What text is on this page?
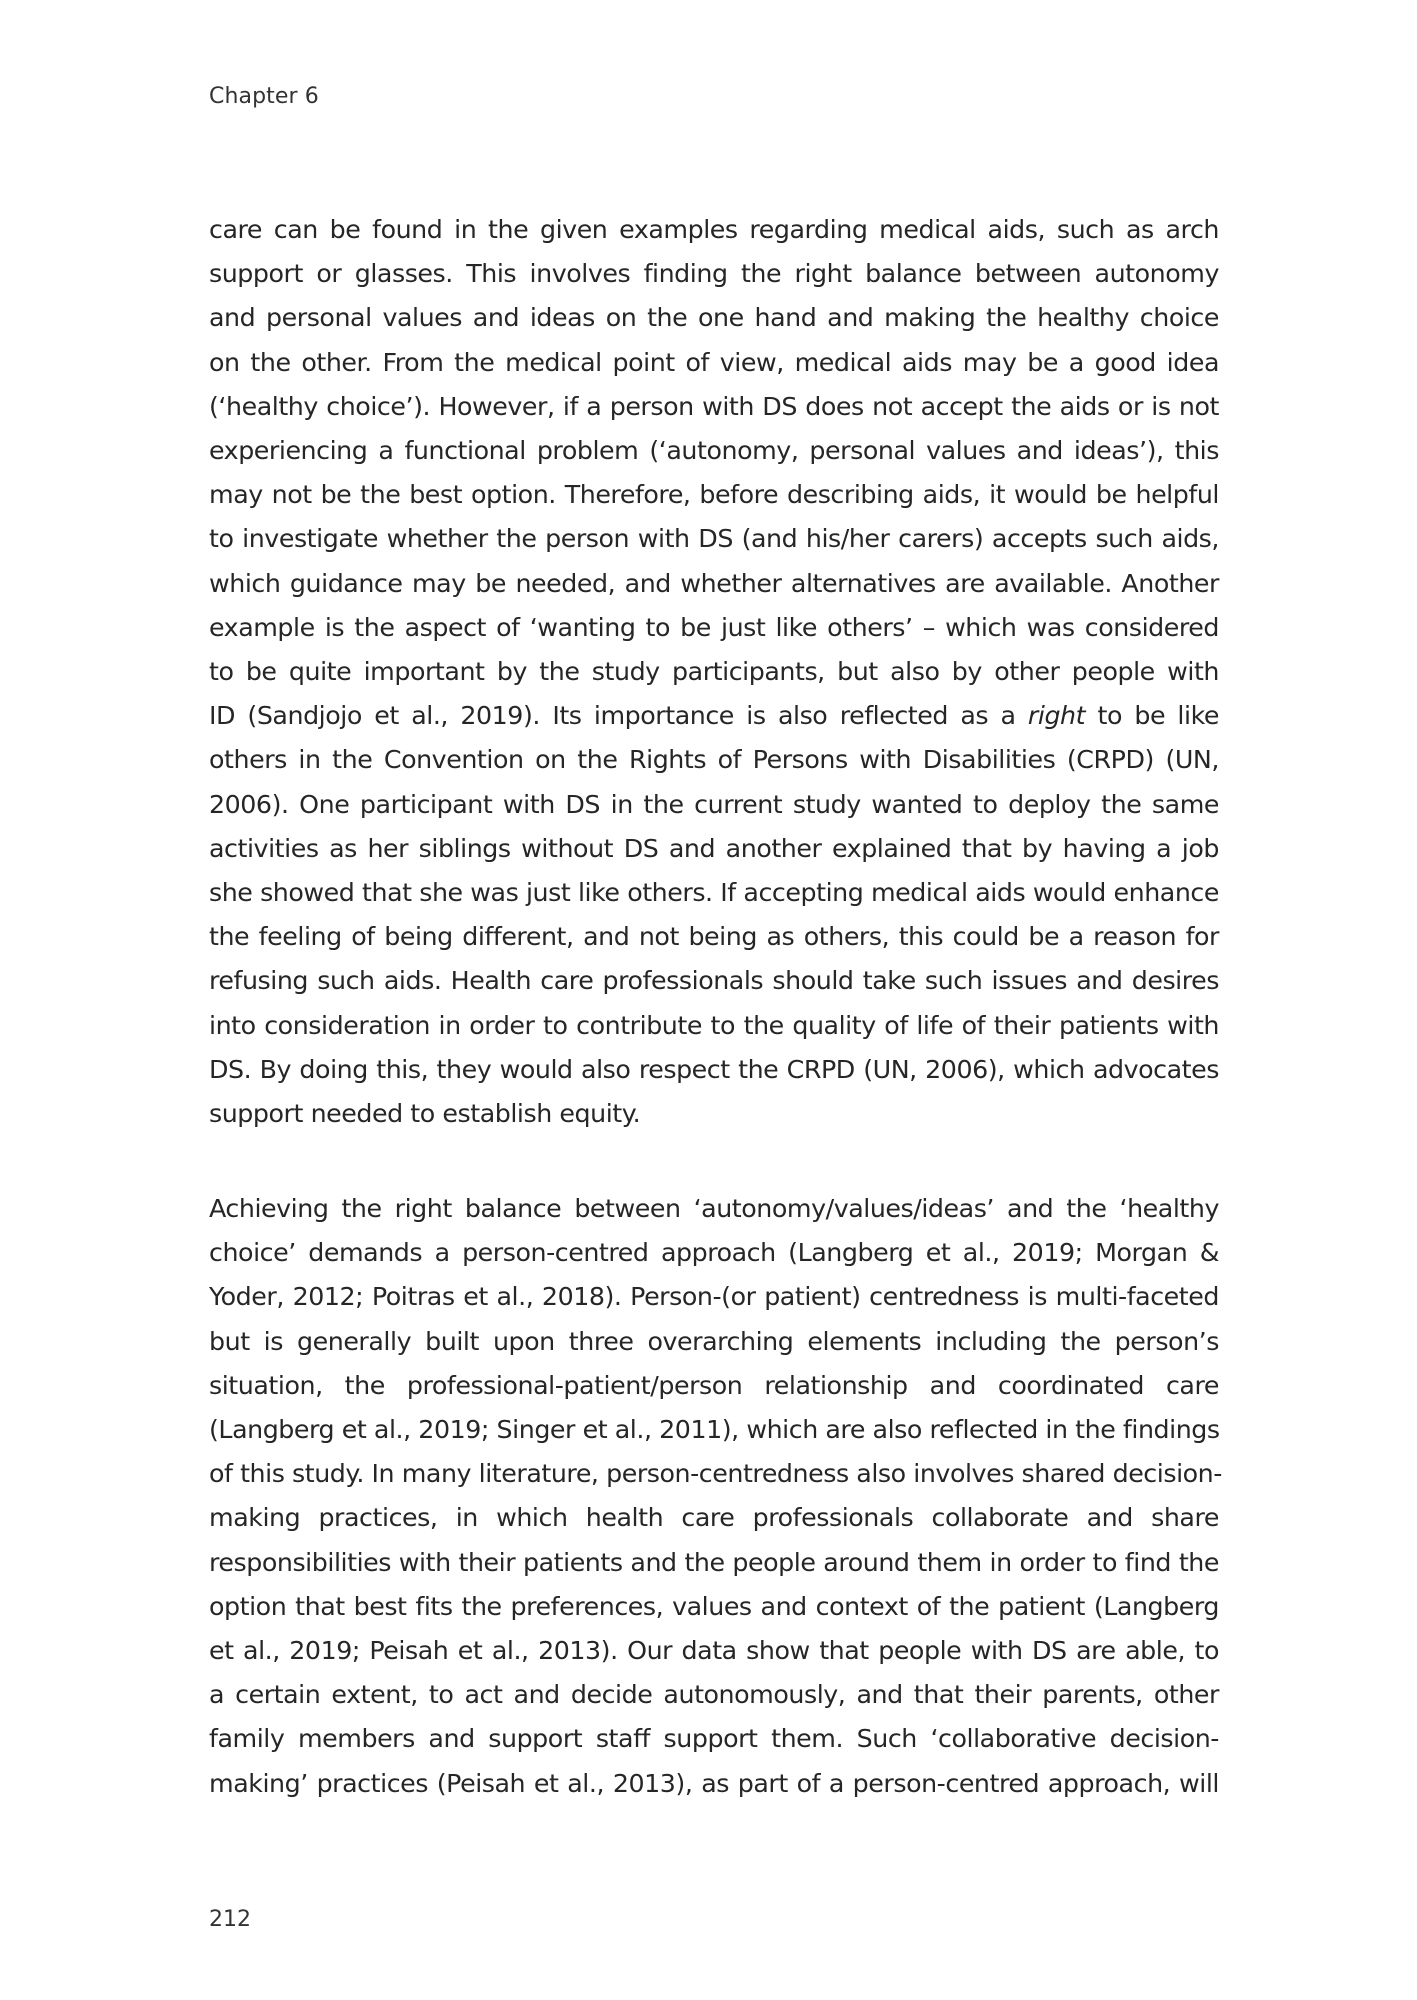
Chapter 6
care can be found in the given examples regarding medical aids, such as arch
support or glasses. This involves finding the right balance between autonomy
and personal values and ideas on the one hand and making the healthy choice
on the other. From the medical point of view, medical aids may be a good idea
(‘healthy choice’). However, if a person with DS does not accept the aids or is not
experiencing a functional problem (‘autonomy, personal values and ideas’), this
may not be the best option. Therefore, before describing aids, it would be helpful
to investigate whether the person with DS (and his/her carers) accepts such aids,
which guidance may be needed, and whether alternatives are available. Another
example is the aspect of ‘wanting to be just like others’ – which was considered
to be quite important by the study participants, but also by other people with
ID (Sandjojo et al., 2019). Its importance is also reflected as a right to be like
others in the Convention on the Rights of Persons with Disabilities (CRPD) (UN,
2006). One participant with DS in the current study wanted to deploy the same
activities as her siblings without DS and another explained that by having a job
she showed that she was just like others. If accepting medical aids would enhance
the feeling of being different, and not being as others, this could be a reason for
refusing such aids. Health care professionals should take such issues and desires
into consideration in order to contribute to the quality of life of their patients with
DS. By doing this, they would also respect the CRPD (UN, 2006), which advocates
support needed to establish equity.
Achieving the right balance between ‘autonomy/values/ideas’ and the ‘healthy
choice’ demands a person-centred approach (Langberg et al., 2019; Morgan &
Yoder, 2012; Poitras et al., 2018). Person-(or patient) centredness is multi-faceted
but is generally built upon three overarching elements including the person’s
situation, the professional-patient/person relationship and coordinated care
(Langberg et al., 2019; Singer et al., 2011), which are also reflected in the findings
of this study. In many literature, person-centredness also involves shared decision-
making practices, in which health care professionals collaborate and share
responsibilities with their patients and the people around them in order to find the
option that best fits the preferences, values and context of the patient (Langberg
et al., 2019; Peisah et al., 2013). Our data show that people with DS are able, to
a certain extent, to act and decide autonomously, and that their parents, other
family members and support staff support them. Such ‘collaborative decision-
making’ practices (Peisah et al., 2013), as part of a person-centred approach, will
212
